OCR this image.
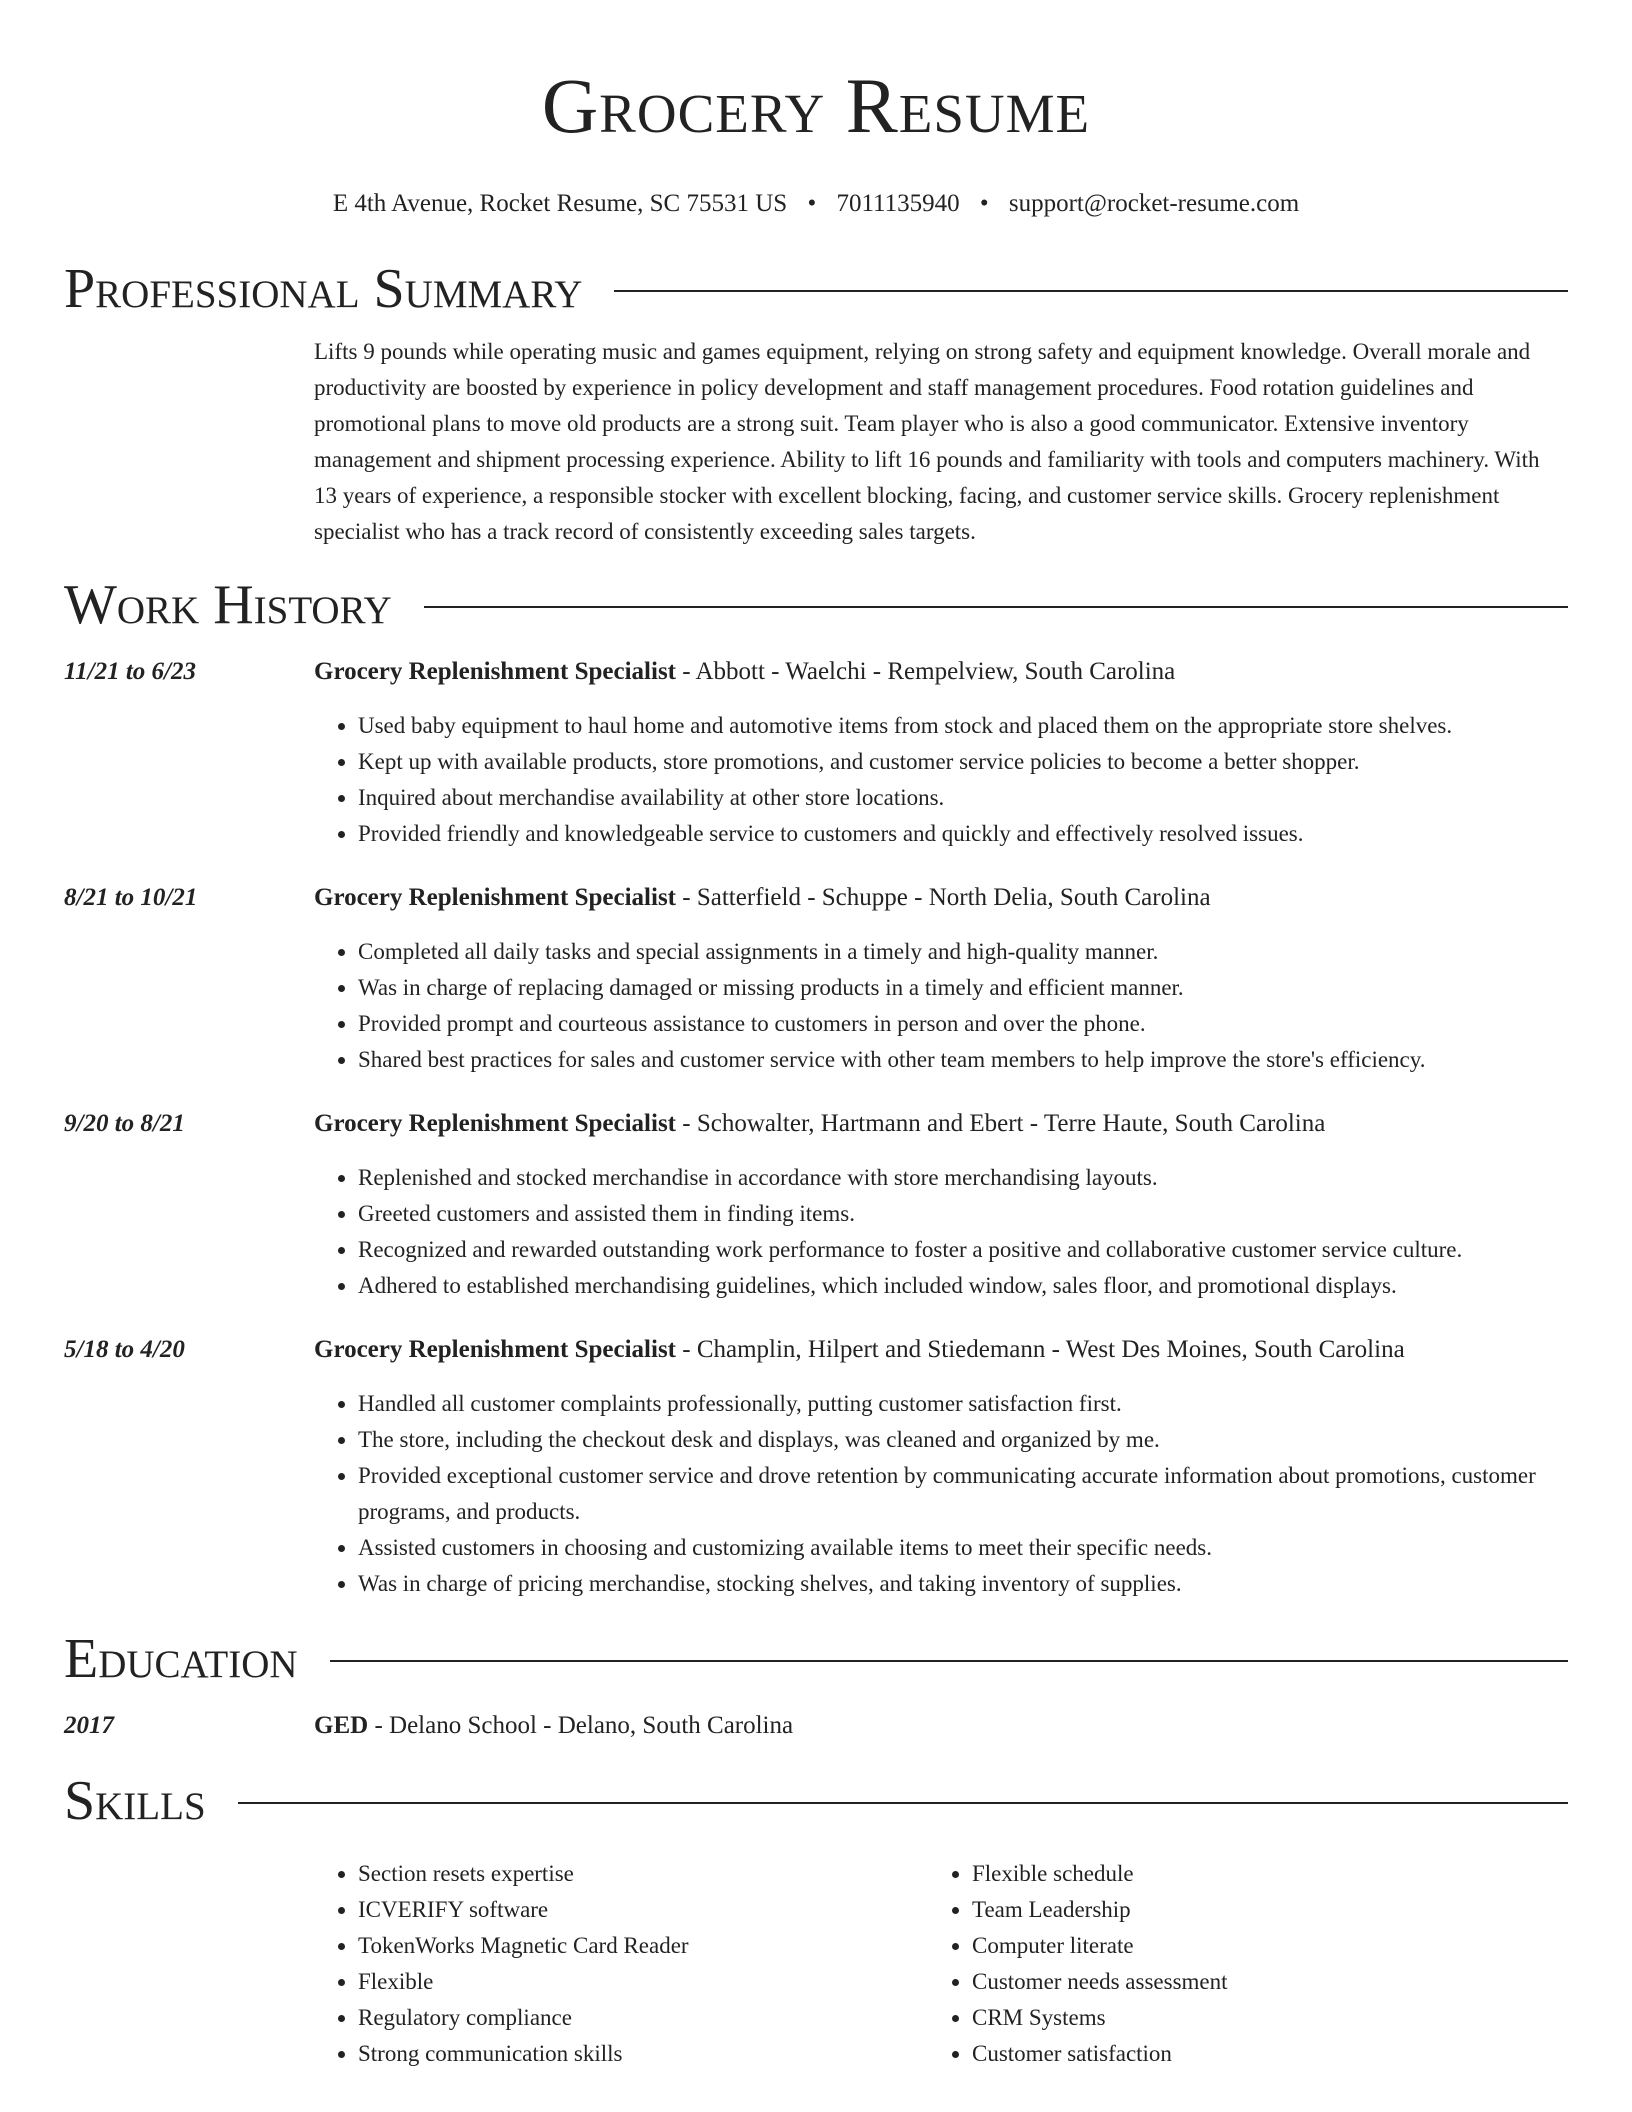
Grocery Resume
E 4th Avenue, Rocket Resume, SC 75531 US • 7011135940 • support@rocket-resume.com
Professional Summary
Lifts 9 pounds while operating music and games equipment, relying on strong safety and equipment knowledge. Overall morale and productivity are boosted by experience in policy development and staff management procedures. Food rotation guidelines and promotional plans to move old products are a strong suit. Team player who is also a good communicator. Extensive inventory management and shipment processing experience. Ability to lift 16 pounds and familiarity with tools and computers machinery. With 13 years of experience, a responsible stocker with excellent blocking, facing, and customer service skills. Grocery replenishment specialist who has a track record of consistently exceeding sales targets.
Work History
11/21 to 6/23	Grocery Replenishment Specialist - Abbott - Waelchi - Rempelview, South Carolina
• Used baby equipment to haul home and automotive items from stock and placed them on the appropriate store shelves.
• Kept up with available products, store promotions, and customer service policies to become a better shopper.
• Inquired about merchandise availability at other store locations.
• Provided friendly and knowledgeable service to customers and quickly and effectively resolved issues.
8/21 to 10/21	Grocery Replenishment Specialist - Satterfield - Schuppe - North Delia, South Carolina
• Completed all daily tasks and special assignments in a timely and high-quality manner.
• Was in charge of replacing damaged or missing products in a timely and efficient manner.
• Provided prompt and courteous assistance to customers in person and over the phone.
• Shared best practices for sales and customer service with other team members to help improve the store's efficiency.
9/20 to 8/21	Grocery Replenishment Specialist - Schowalter, Hartmann and Ebert - Terre Haute, South Carolina
• Replenished and stocked merchandise in accordance with store merchandising layouts.
• Greeted customers and assisted them in finding items.
• Recognized and rewarded outstanding work performance to foster a positive and collaborative customer service culture.
• Adhered to established merchandising guidelines, which included window, sales floor, and promotional displays.
5/18 to 4/20	Grocery Replenishment Specialist - Champlin, Hilpert and Stiedemann - West Des Moines, South Carolina
• Handled all customer complaints professionally, putting customer satisfaction first.
• The store, including the checkout desk and displays, was cleaned and organized by me.
• Provided exceptional customer service and drove retention by communicating accurate information about promotions, customer programs, and products.
• Assisted customers in choosing and customizing available items to meet their specific needs.
• Was in charge of pricing merchandise, stocking shelves, and taking inventory of supplies.
Education
2017	GED - Delano School - Delano, South Carolina
Skills
• Section resets expertise
• ICVERIFY software
• TokenWorks Magnetic Card Reader
• Flexible
• Regulatory compliance
• Strong communication skills
• Flexible schedule
• Team Leadership
• Computer literate
• Customer needs assessment
• CRM Systems
• Customer satisfaction
